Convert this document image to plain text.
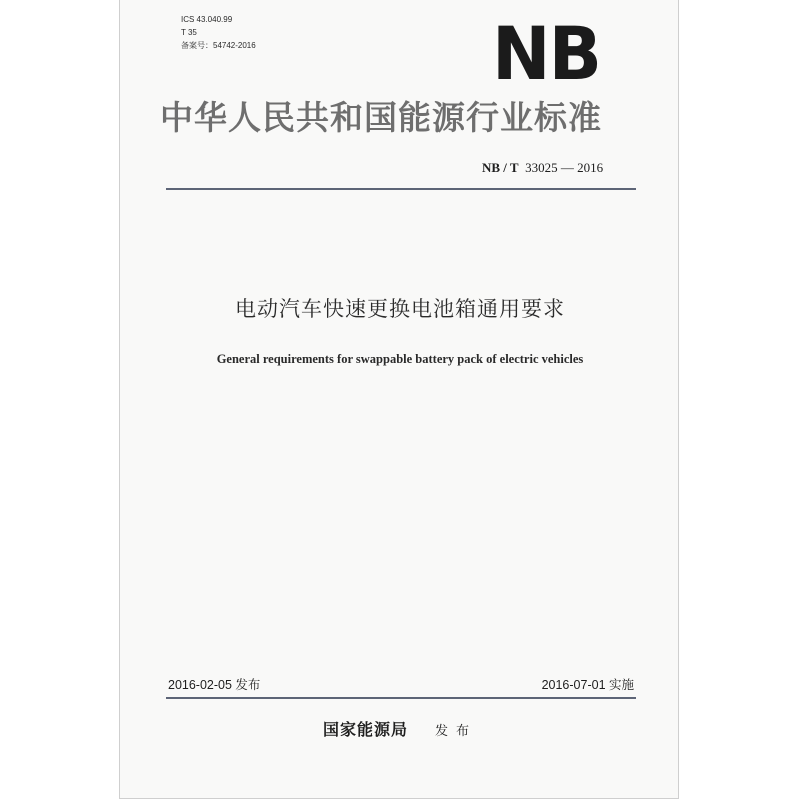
ICS 43.040.99
T 35
备案号：54742-2016	NB
中华人民共和国能源行业标准
NB / T 33025 — 2016
电动汽车快速更换电池箱通用要求
General requirements for swappable battery pack of electric vehicles
2016-02-05 发布	2016-07-01 实施
国家能源局 发布
